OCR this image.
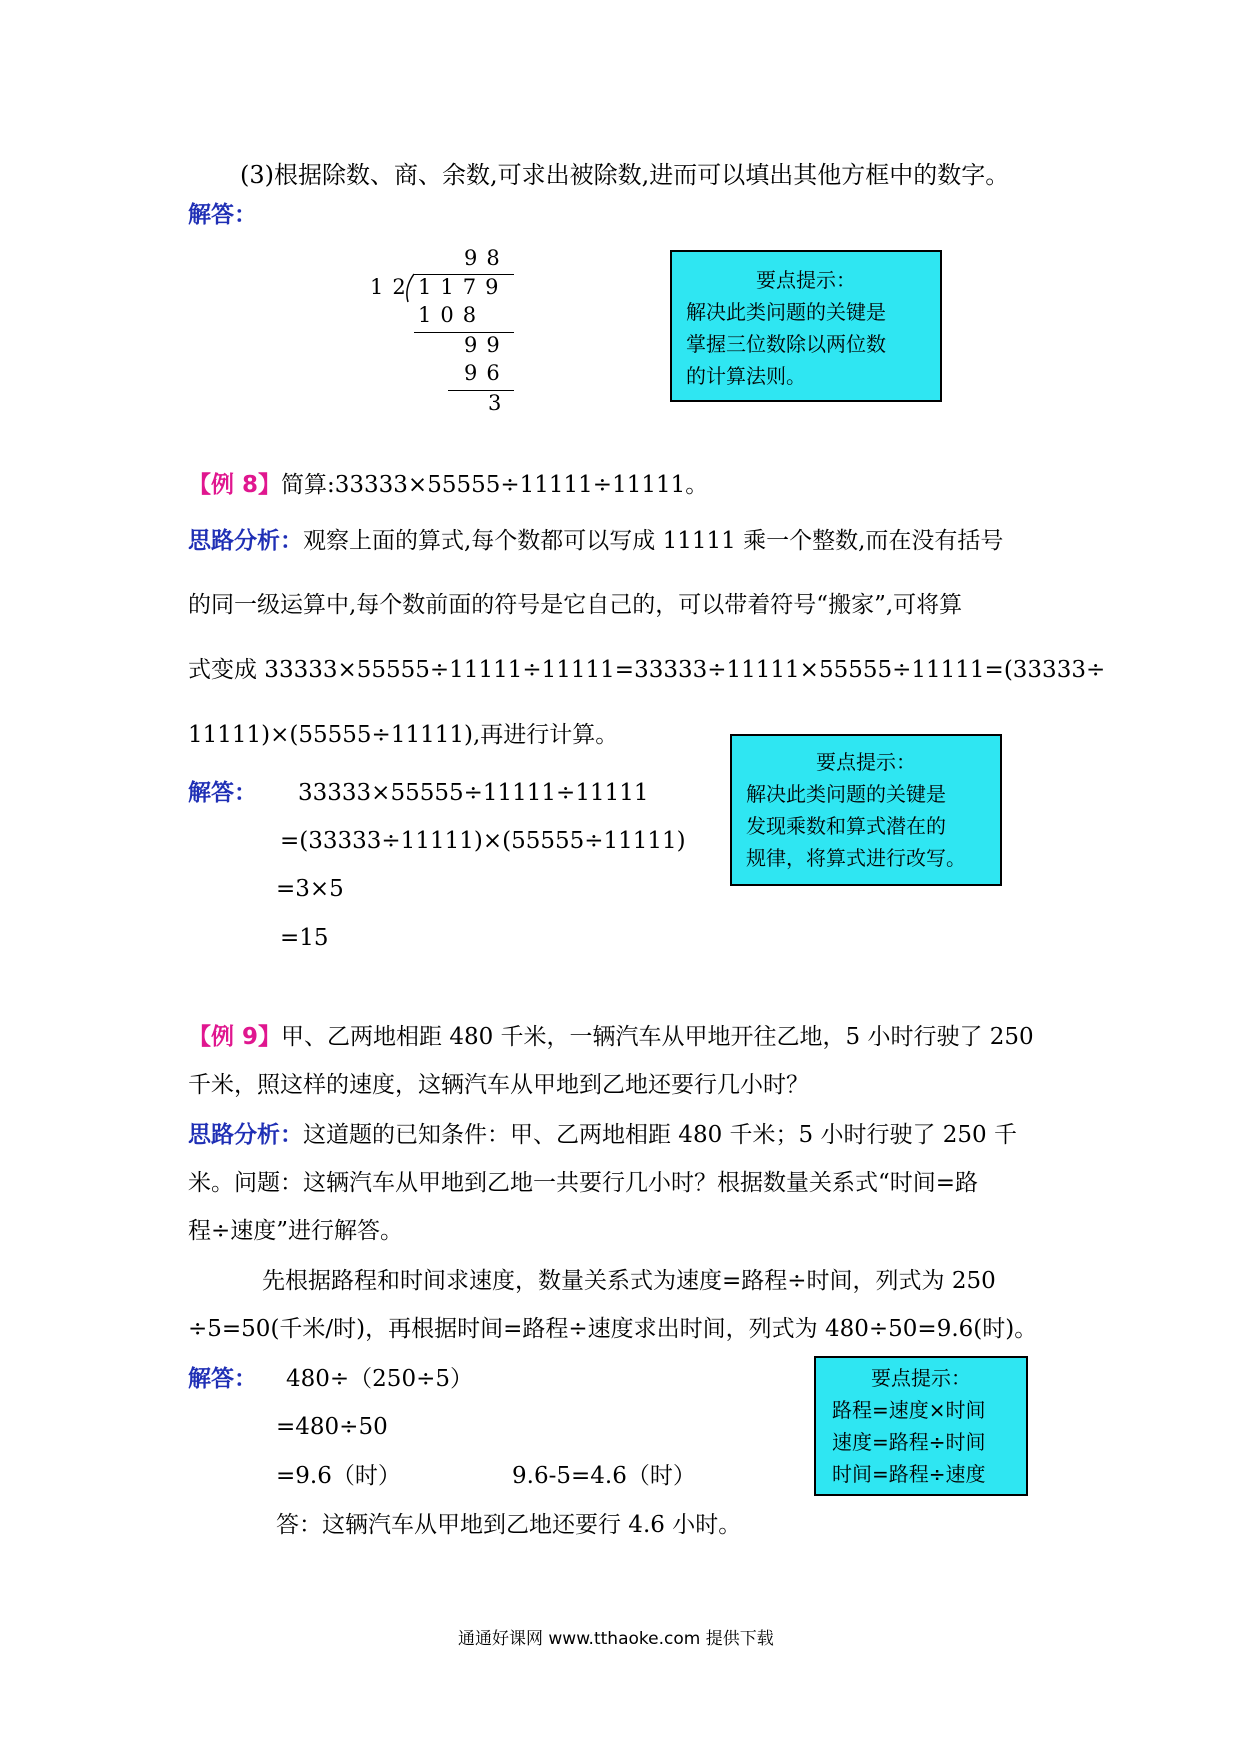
(3)根据除数、商、余数,可求出被除数,进而可以填出其他方框中的数字。
解答：
98
12 1179
108
99
96
3
要点提示：
解决此类问题的关键是
掌握三位数除以两位数
的计算法则。
【例 8】简算:33333×55555÷11111÷11111。
思路分析：观察上面的算式,每个数都可以写成 11111 乘一个整数,而在没有括号
的同一级运算中,每个数前面的符号是它自己的，可以带着符号“搬家”,可将算
式变成 33333×55555÷11111÷11111=33333÷11111×55555÷11111=(33333÷
11111)×(55555÷11111),再进行计算。
解答： 33333×55555÷11111÷11111
=(33333÷11111)×(55555÷11111)
=3×5
=15
要点提示：
解决此类问题的关键是
发现乘数和算式潜在的
规律，将算式进行改写。
【例 9】甲、乙两地相距 480 千米，一辆汽车从甲地开往乙地，5 小时行驶了 250
千米，照这样的速度，这辆汽车从甲地到乙地还要行几小时？
思路分析：这道题的已知条件：甲、乙两地相距 480 千米；5 小时行驶了 250 千
米。问题：这辆汽车从甲地到乙地一共要行几小时？根据数量关系式“时间=路
程÷速度”进行解答。
先根据路程和时间求速度，数量关系式为速度=路程÷时间，列式为 250
÷5=50(千米/时)，再根据时间=路程÷速度求出时间，列式为 480÷50=9.6(时)。
解答： 480÷（250÷5）
=480÷50
=9.6（时）	9.6-5=4.6（时）
答：这辆汽车从甲地到乙地还要行 4.6 小时。
要点提示：
路程=速度×时间
速度=路程÷时间
时间=路程÷速度
通通好课网 www.tthaoke.com 提供下载
